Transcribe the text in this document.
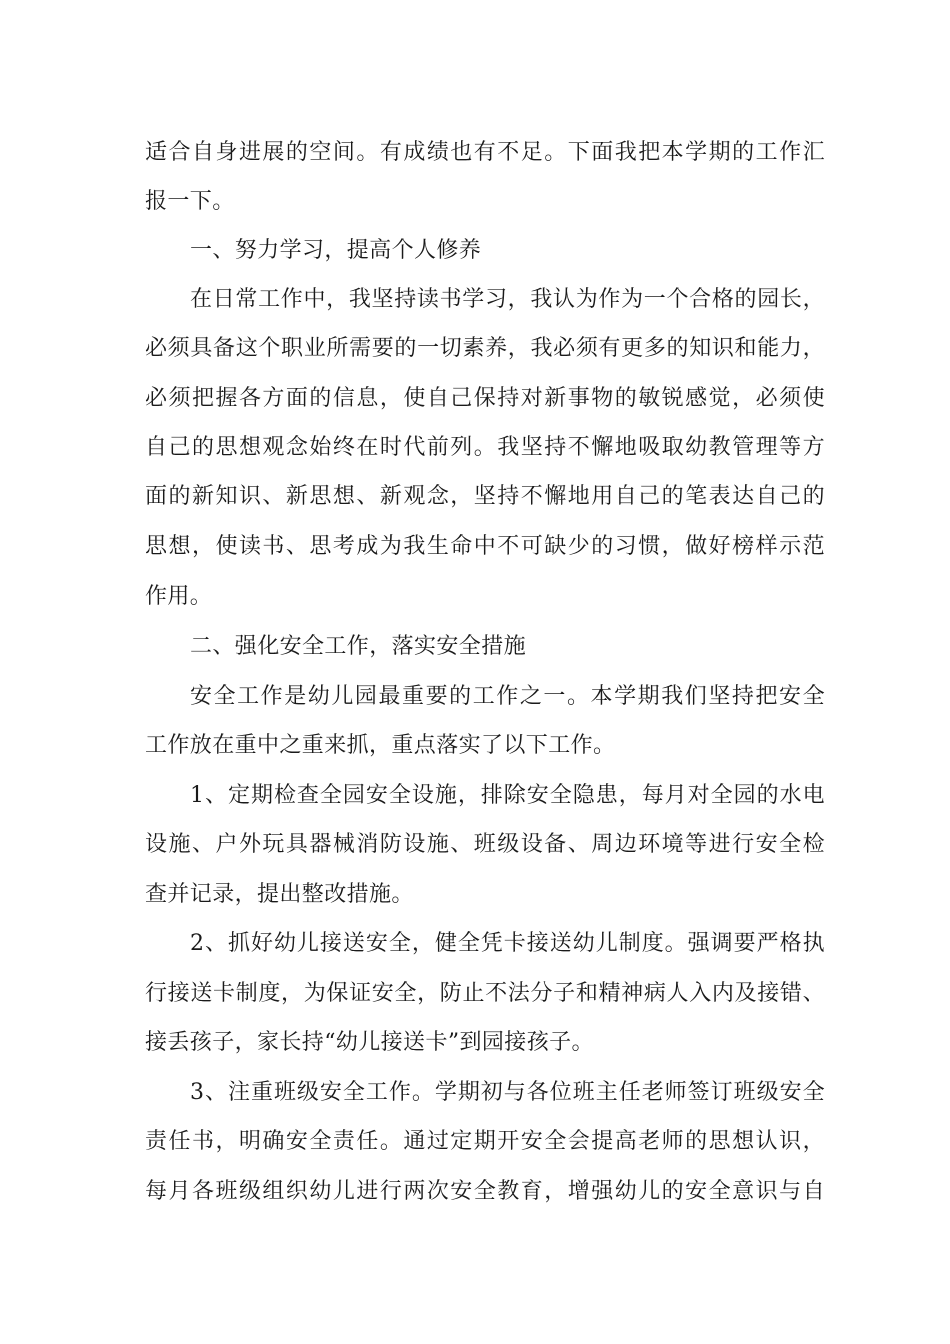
适合自身进展的空间。有成绩也有不足。下面我把本学期的工作汇
报一下。
一、努力学习，提高个人修养
在日常工作中，我坚持读书学习，我认为作为一个合格的园长，
必须具备这个职业所需要的一切素养，我必须有更多的知识和能力，
必须把握各方面的信息，使自己保持对新事物的敏锐感觉，必须使
自己的思想观念始终在时代前列。我坚持不懈地吸取幼教管理等方
面的新知识、新思想、新观念，坚持不懈地用自己的笔表达自己的
思想，使读书、思考成为我生命中不可缺少的习惯，做好榜样示范
作用。
二、强化安全工作，落实安全措施
安全工作是幼儿园最重要的工作之一。本学期我们坚持把安全
工作放在重中之重来抓，重点落实了以下工作。
1、定期检查全园安全设施，排除安全隐患，每月对全园的水电
设施、户外玩具器械消防设施、班级设备、周边环境等进行安全检
查并记录，提出整改措施。
2、抓好幼儿接送安全，健全凭卡接送幼儿制度。强调要严格执
行接送卡制度，为保证安全，防止不法分子和精神病人入内及接错、
接丢孩子，家长持“幼儿接送卡”到园接孩子。
3、注重班级安全工作。学期初与各位班主任老师签订班级安全
责任书，明确安全责任。通过定期开安全会提高老师的思想认识，
每月各班级组织幼儿进行两次安全教育，增强幼儿的安全意识与自
